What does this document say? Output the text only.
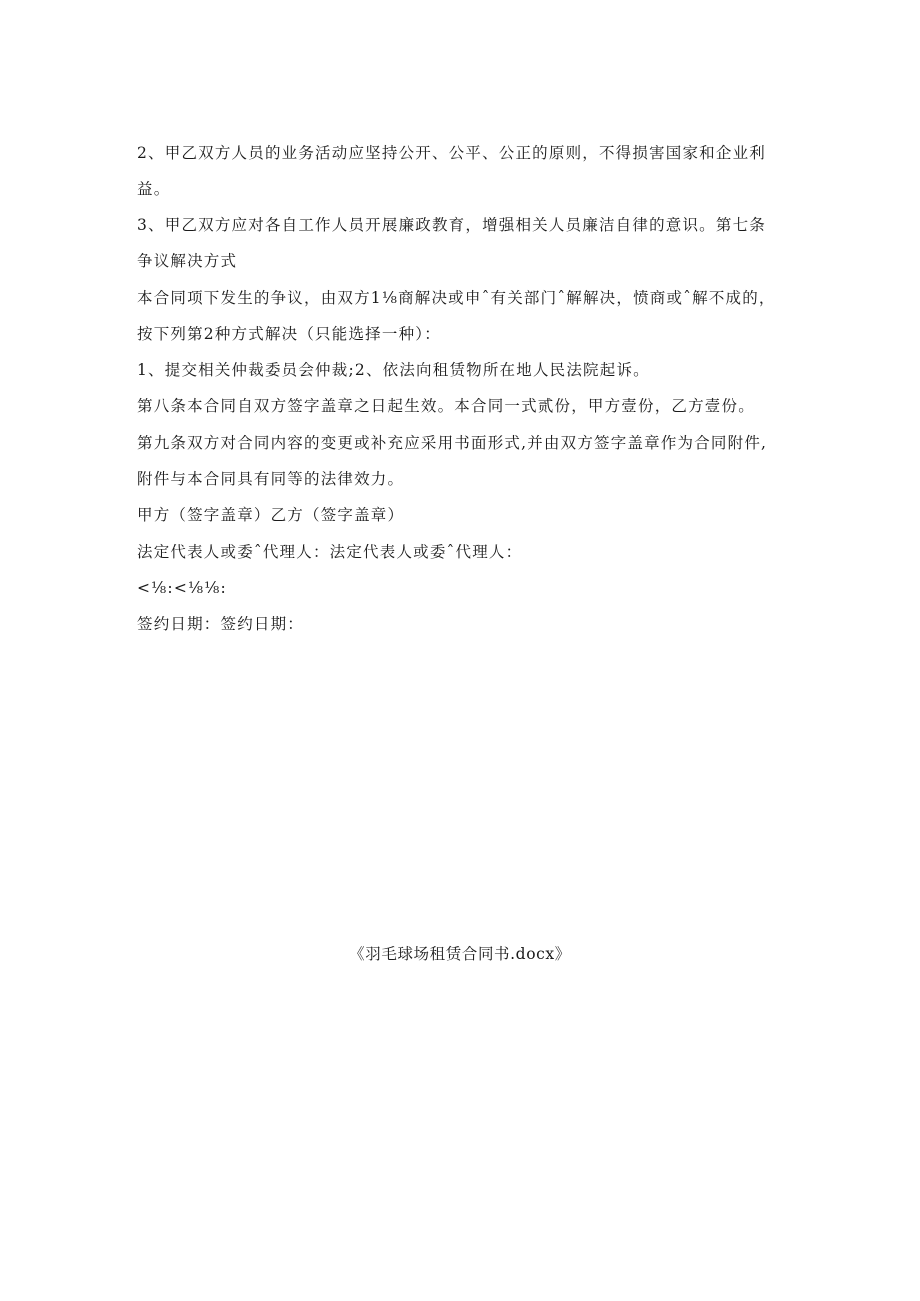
2、甲乙双方人员的业务活动应坚持公开、公平、公正的原则，不得损害国家和企业利
益。
3、甲乙双方应对各自工作人员开展廉政教育，增强相关人员廉洁自律的意识。第七条
争议解决方式
本合同项下发生的争议，由双方1⅛商解决或申ˆ有关部门ˆ解解决，愤商或ˆ解不成的，
按下列第2种方式解决（只能选择一种）：
1、提交相关仲裁委员会仲裁;2、依法向租赁物所在地人民法院起诉。
第八条本合同自双方签字盖章之日起生效。本合同一式贰份，甲方壹份，乙方壹份。
第九条双方对合同内容的变更或补充应采用书面形式,并由双方签字盖章作为合同附件,
附件与本合同具有同等的法律效力。
甲方（签字盖章）乙方（签字盖章）
法定代表人或委ˆ代理人：法定代表人或委ˆ代理人：
<⅛:<⅛⅛:
签约日期：签约日期：
《羽毛球场租赁合同书.docx》
